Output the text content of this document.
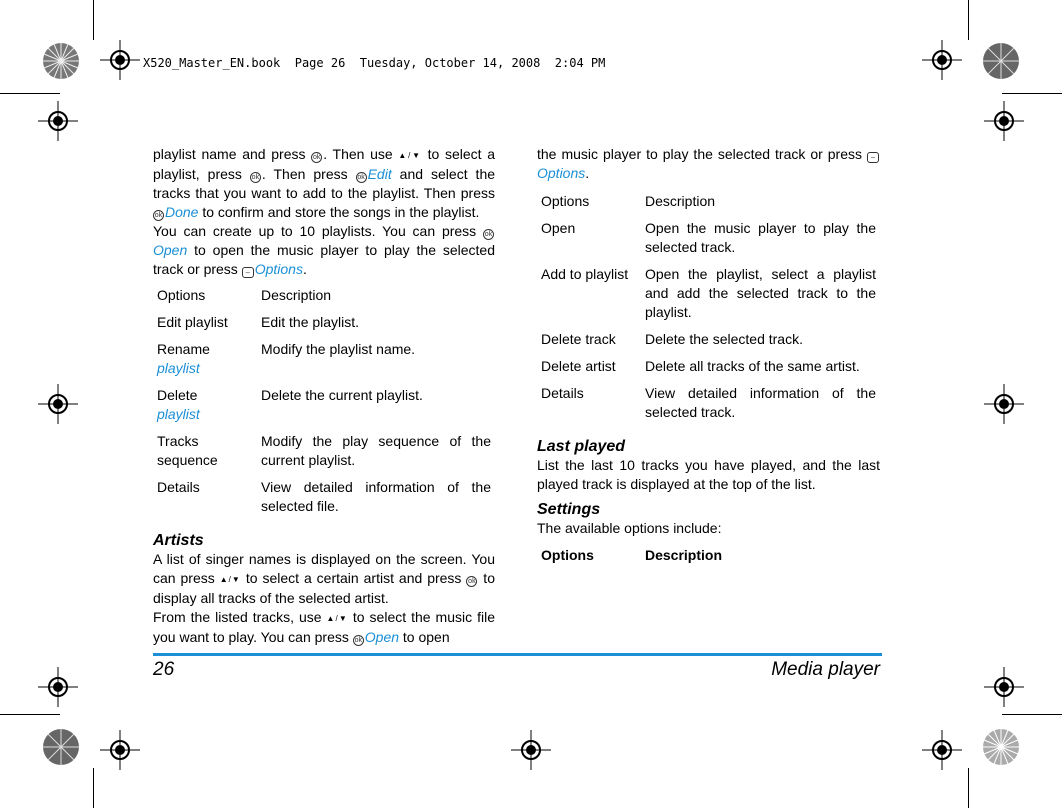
X520_Master_EN.book  Page 26  Tuesday, October 14, 2008  2:04 PM

playlist name and press ok . Then use ▲/▼ to select a playlist, press ok . Then press ok Edit and select the tracks that you want to add to the playlist. Then press ok Done to confirm and store the songs in the playlist.

You can create up to 10 playlists. You can press okOpen to open the music player to play the selected track or press – Options.

Options	Description
Edit playlist	Edit the playlist.
Rename
playlist	Modify the playlist name.
Delete
playlist	Delete the current playlist.
Tracks sequence	Modify the play sequence of the current playlist.
Details	View detailed information of the selected file.
Artists

A list of singer names is displayed on the screen. You can press ▲/▼ to select a certain artist and press ok to display all tracks of the selected artist.

From the listed tracks, use ▲/▼ to select the music file you want to play. You can press ok Open to open

the music player to play the selected track or press –Options.

Options	Description
Open	Open the music player to play the selected track.
Add to playlist	Open the playlist, select a playlist and add the selected track to the playlist.
Delete track	Delete the selected track.
Delete artist	Delete all tracks of the same artist.
Details	View detailed information of the selected track.
Last played

List the last 10 tracks you have played, and the last played track is displayed at the top of the list.

Settings

The available options include:

Options	Description
26	Media player
